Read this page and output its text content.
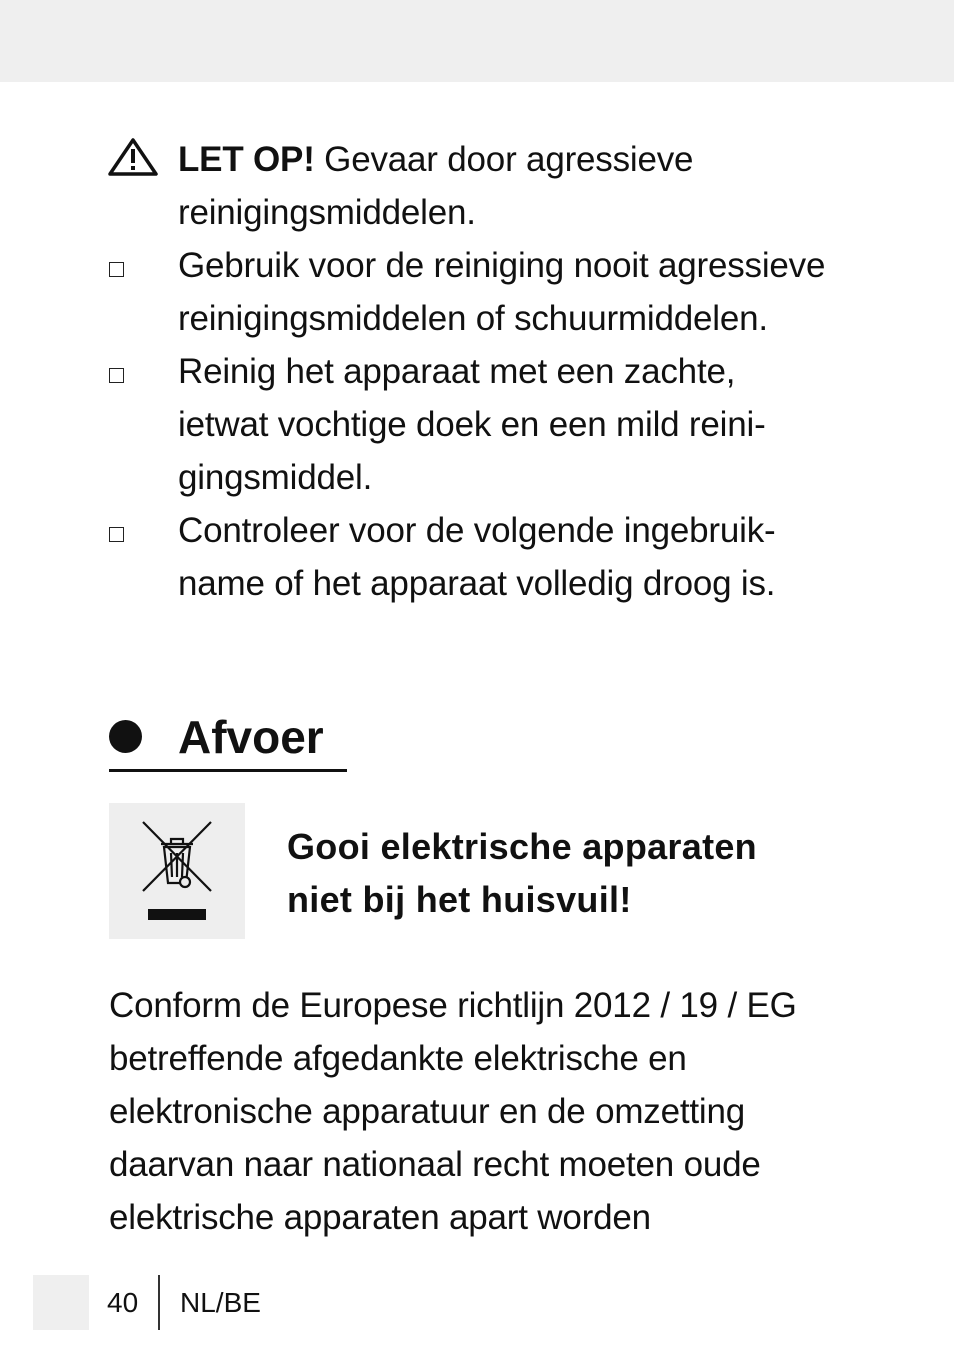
LET OP! Gevaar door agressieve
reinigingsmiddelen.
Gebruik voor de reiniging nooit agressieve
reinigingsmiddelen of schuurmiddelen.
Reinig het apparaat met een zachte,
ietwat vochtige doek en een mild reini-
gingsmiddel.
Controleer voor de volgende ingebruik-
name of het apparaat volledig droog is.
Afvoer
Gooi elektrische apparaten
niet bij het huisvuil!
Conform de Europese richtlijn 2012 / 19 / EG
betreffende afgedankte elektrische en
elektronische apparatuur en de omzetting
daarvan naar nationaal recht moeten oude
elektrische apparaten apart worden
40 NL/BE
